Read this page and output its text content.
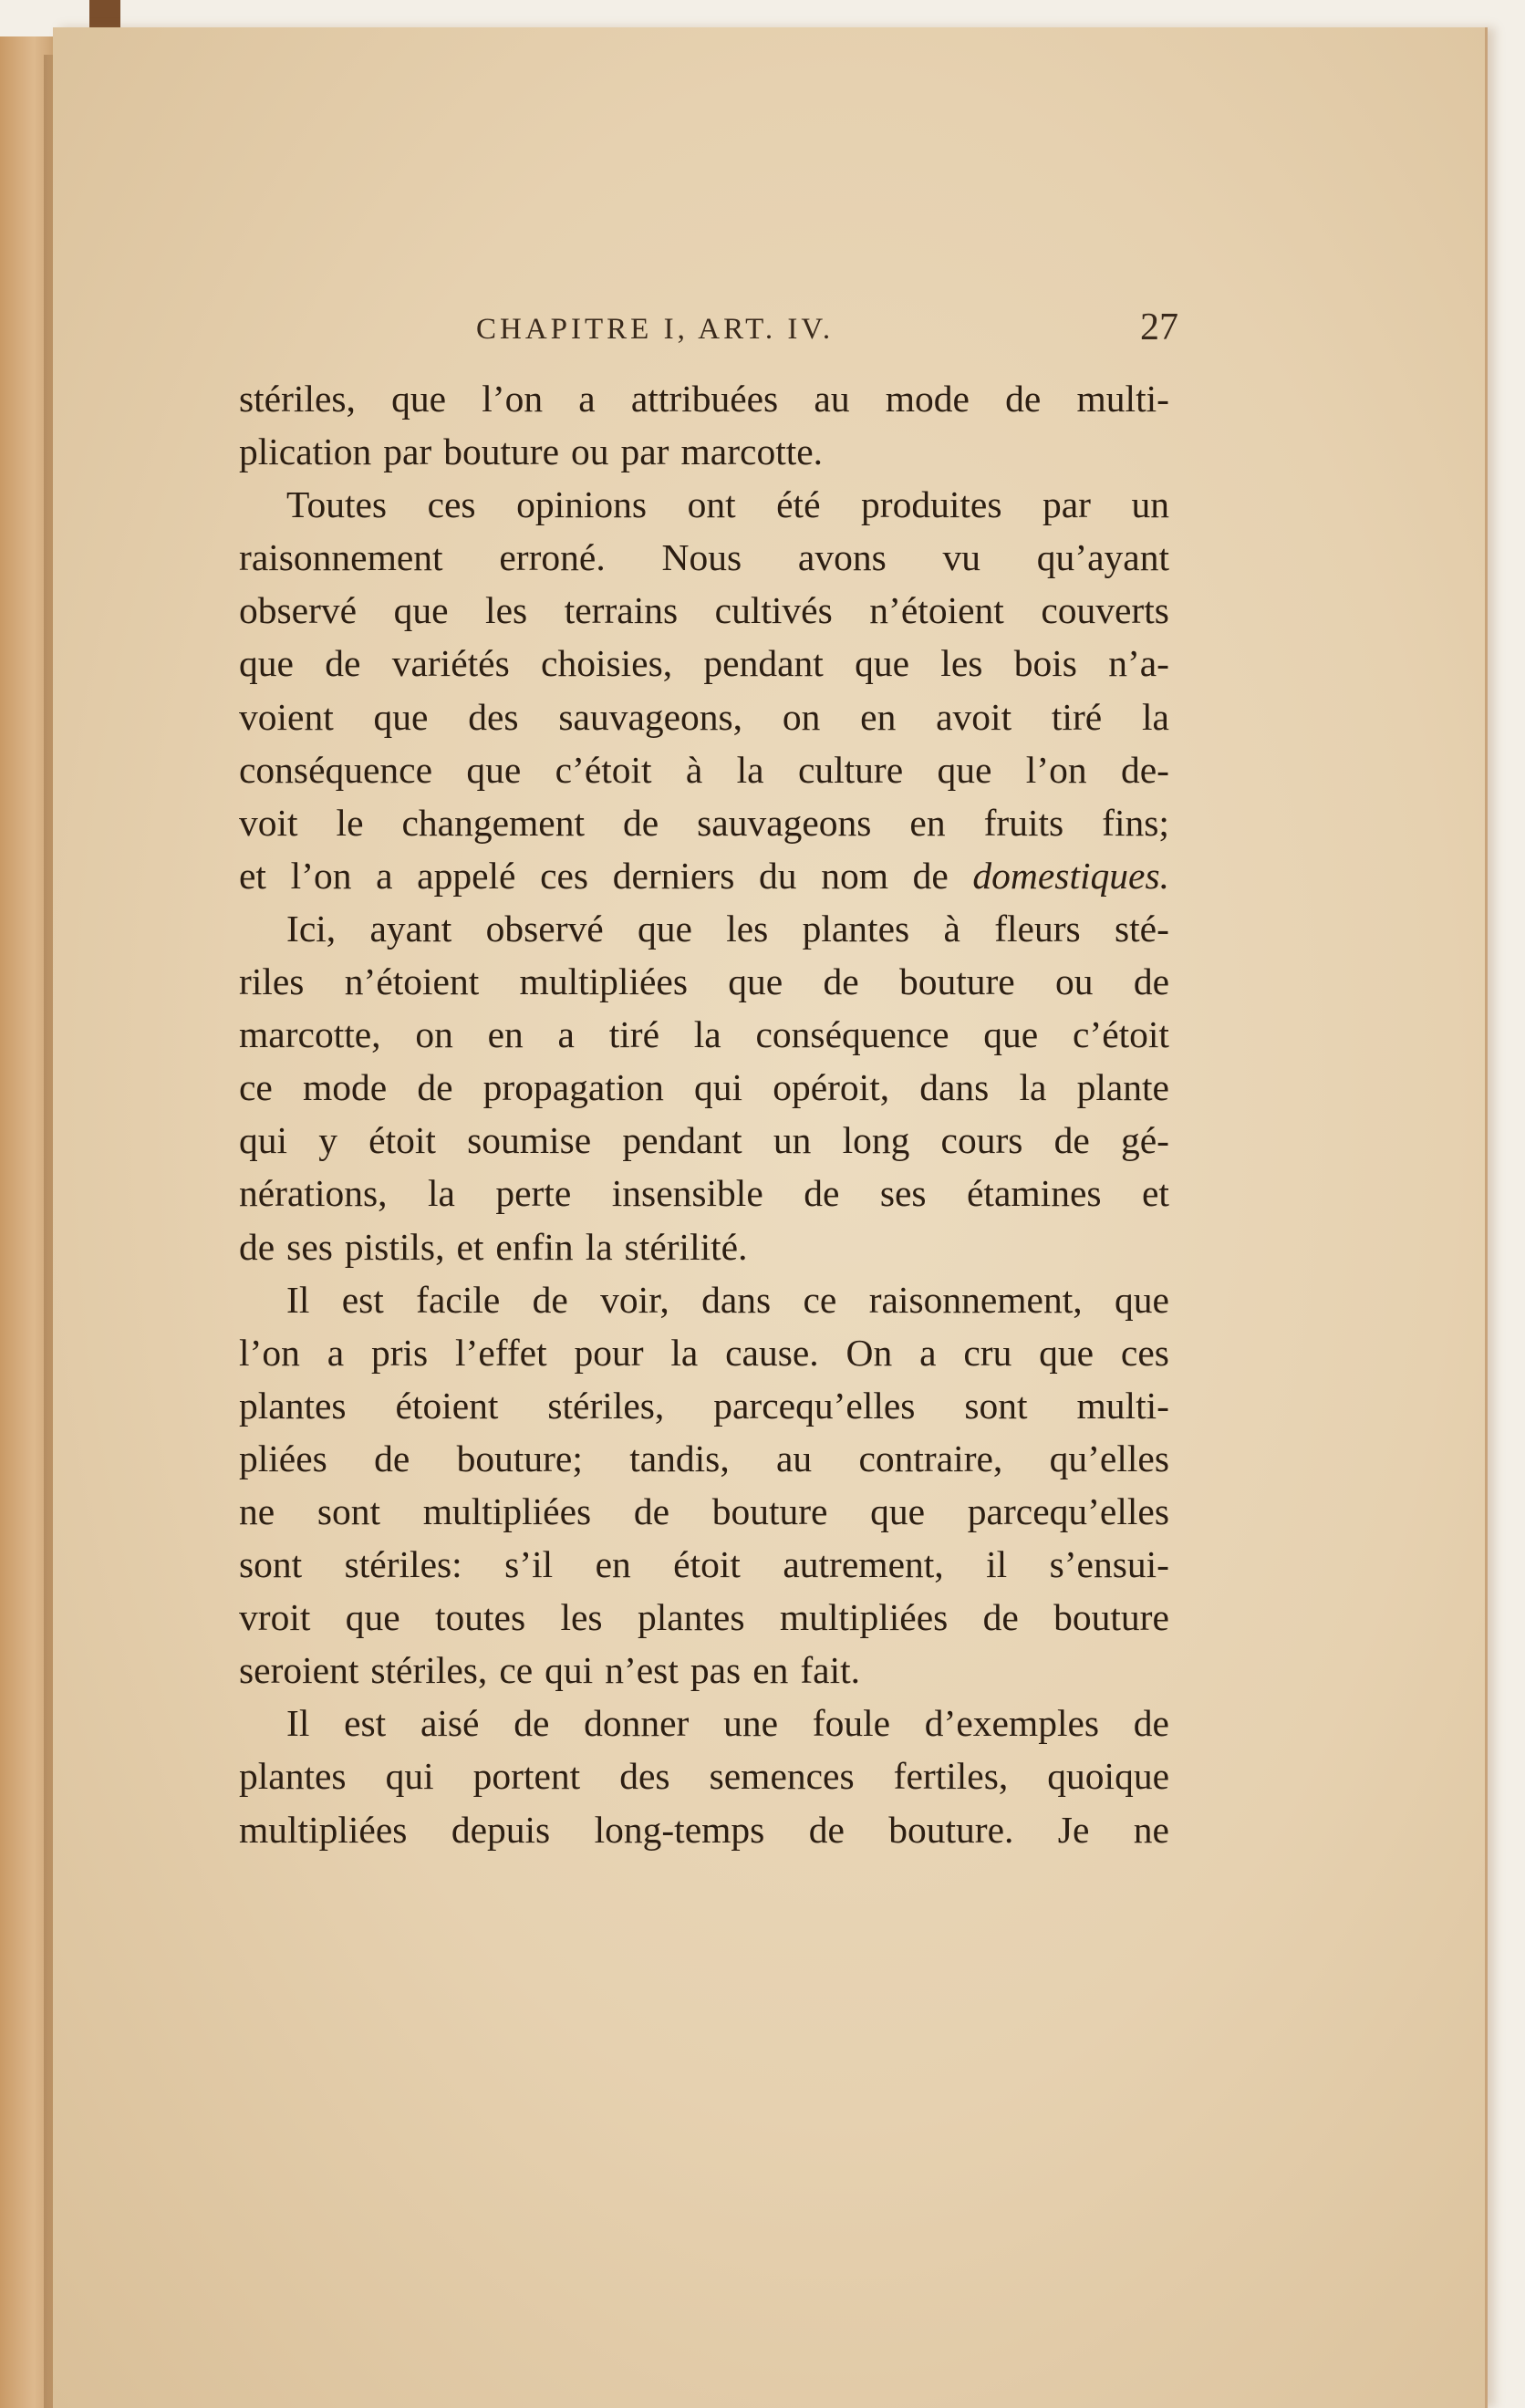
CHAPITRE I, ART. IV.	27
stériles, que l’on a attribuées au mode de multi-
plication par bouture ou par marcotte.
Toutes ces opinions ont été produites par un
raisonnement erroné. Nous avons vu qu’ayant
observé que les terrains cultivés n’étoient couverts
que de variétés choisies, pendant que les bois n’a-
voient que des sauvageons, on en avoit tiré la
conséquence que c’étoit à la culture que l’on de-
voit le changement de sauvageons en fruits fins;
et l’on a appelé ces derniers du nom de domestiques.
Ici, ayant observé que les plantes à fleurs sté-
riles n’étoient multipliées que de bouture ou de
marcotte, on en a tiré la conséquence que c’étoit
ce mode de propagation qui opéroit, dans la plante
qui y étoit soumise pendant un long cours de gé-
nérations, la perte insensible de ses étamines et
de ses pistils, et enfin la stérilité.
Il est facile de voir, dans ce raisonnement, que
l’on a pris l’effet pour la cause. On a cru que ces
plantes étoient stériles, parcequ’elles sont multi-
pliées de bouture; tandis, au contraire, qu’elles
ne sont multipliées de bouture que parcequ’elles
sont stériles: s’il en étoit autrement, il s’ensui-
vroit que toutes les plantes multipliées de bouture
seroient stériles, ce qui n’est pas en fait.
Il est aisé de donner une foule d’exemples de
plantes qui portent des semences fertiles, quoique
multipliées depuis long-temps de bouture. Je ne
